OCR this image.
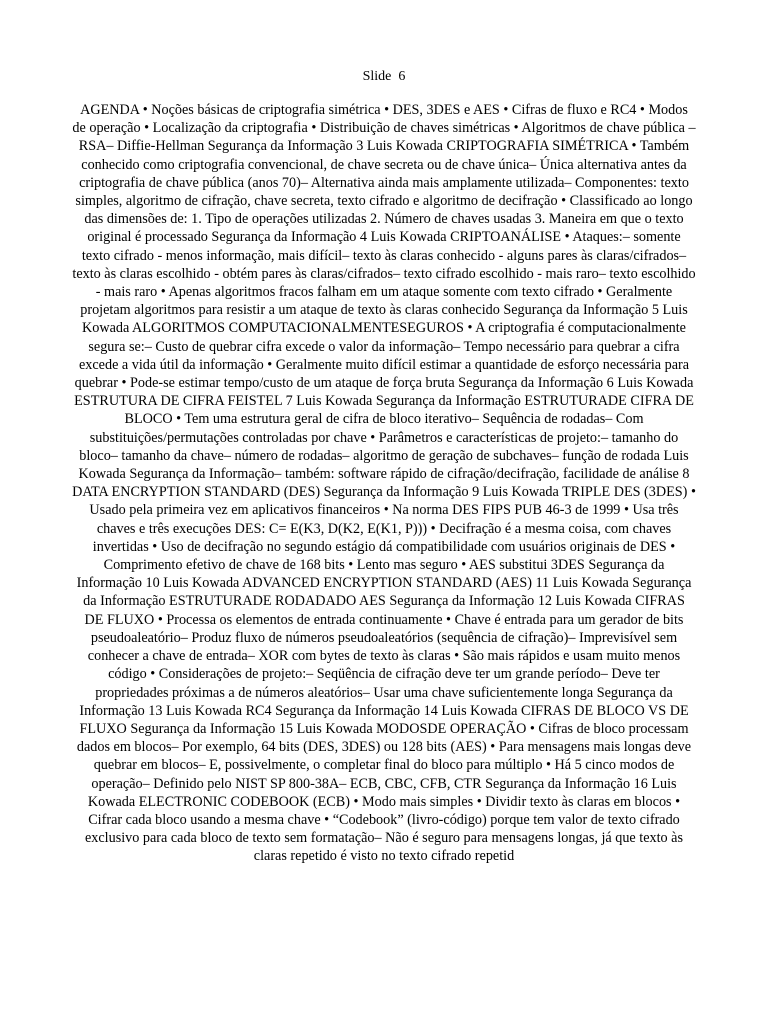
Slide  6

AGENDA • Noções básicas de criptografia simétrica • DES, 3DES e AES • Cifras de fluxo e RC4 • Modos de operação • Localização da criptografia • Distribuição de chaves simétricas • Algoritmos de chave pública – RSA– Diffie-Hellman Segurança da Informação 3 Luis Kowada CRIPTOGRAFIA SIMÉTRICA • Também conhecido como criptografia convencional, de chave secreta ou de chave única– Única alternativa antes da criptografia de chave pública (anos 70)– Alternativa ainda mais amplamente utilizada– Componentes: texto simples, algoritmo de cifração, chave secreta, texto cifrado e algoritmo de decifração • Classificado ao longo das dimensões de: 1. Tipo de operações utilizadas 2. Número de chaves usadas 3. Maneira em que o texto original é processado Segurança da Informação 4 Luis Kowada CRIPTOANÁLISE • Ataques:– somente texto cifrado - menos informação, mais difícil– texto às claras conhecido - alguns pares às claras/cifrados– texto às claras escolhido - obtém pares às claras/cifrados– texto cifrado escolhido - mais raro– texto escolhido - mais raro • Apenas algoritmos fracos falham em um ataque somente com texto cifrado • Geralmente projetam algoritmos para resistir a um ataque de texto às claras conhecido Segurança da Informação 5 Luis Kowada ALGORITMOS COMPUTACIONALMENTESEGUROS • A criptografia é computacionalmente segura se:– Custo de quebrar cifra excede o valor da informação– Tempo necessário para quebrar a cifra excede a vida útil da informação • Geralmente muito difícil estimar a quantidade de esforço necessária para quebrar • Pode-se estimar tempo/custo de um ataque de força bruta Segurança da Informação 6 Luis Kowada ESTRUTURA DE CIFRA FEISTEL 7 Luis Kowada Segurança da Informação ESTRUTURADE CIFRA DE BLOCO • Tem uma estrutura geral de cifra de bloco iterativo– Sequência de rodadas– Com substituições/permutações controladas por chave • Parâmetros e características de projeto:– tamanho do bloco– tamanho da chave– número de rodadas– algoritmo de geração de subchaves– função de rodada Luis Kowada Segurança da Informação– também: software rápido de cifração/decifração, facilidade de análise 8 DATA ENCRYPTION STANDARD (DES) Segurança da Informação 9 Luis Kowada TRIPLE DES (3DES) • Usado pela primeira vez em aplicativos financeiros • Na norma DES FIPS PUB 46-3 de 1999 • Usa três chaves e três execuções DES: C= E(K3, D(K2, E(K1, P))) • Decifração é a mesma coisa, com chaves invertidas • Uso de decifração no segundo estágio dá compatibilidade com usuários originais de DES • Comprimento efetivo de chave de 168 bits • Lento mas seguro • AES substitui 3DES Segurança da Informação 10 Luis Kowada ADVANCED ENCRYPTION STANDARD (AES) 11 Luis Kowada Segurança da Informação ESTRUTURADE RODADADO AES Segurança da Informação 12 Luis Kowada CIFRAS DE FLUXO • Processa os elementos de entrada continuamente • Chave é entrada para um gerador de bits pseudoaleatório– Produz fluxo de números pseudoaleatórios (sequência de cifração)– Imprevisível sem conhecer a chave de entrada– XOR com bytes de texto às claras • São mais rápidos e usam muito menos código • Considerações de projeto:– Seqüência de cifração deve ter um grande período– Deve ter propriedades próximas a de números aleatórios– Usar uma chave suficientemente longa Segurança da Informação 13 Luis Kowada RC4 Segurança da Informação 14 Luis Kowada CIFRAS DE BLOCO VS DE FLUXO Segurança da Informação 15 Luis Kowada MODOSDE OPERAÇÃO • Cifras de bloco processam dados em blocos– Por exemplo, 64 bits (DES, 3DES) ou 128 bits (AES) • Para mensagens mais longas deve quebrar em blocos– E, possivelmente, o completar final do bloco para múltiplo • Há 5 cinco modos de operação– Definido pelo NIST SP 800-38A– ECB, CBC, CFB, CTR Segurança da Informação 16 Luis Kowada ELECTRONIC CODEBOOK (ECB) • Modo mais simples • Dividir texto às claras em blocos • Cifrar cada bloco usando a mesma chave • “Codebook” (livro-código) porque tem valor de texto cifrado exclusivo para cada bloco de texto sem formatação– Não é seguro para mensagens longas, já que texto às claras repetido é visto no texto cifrado repetid
